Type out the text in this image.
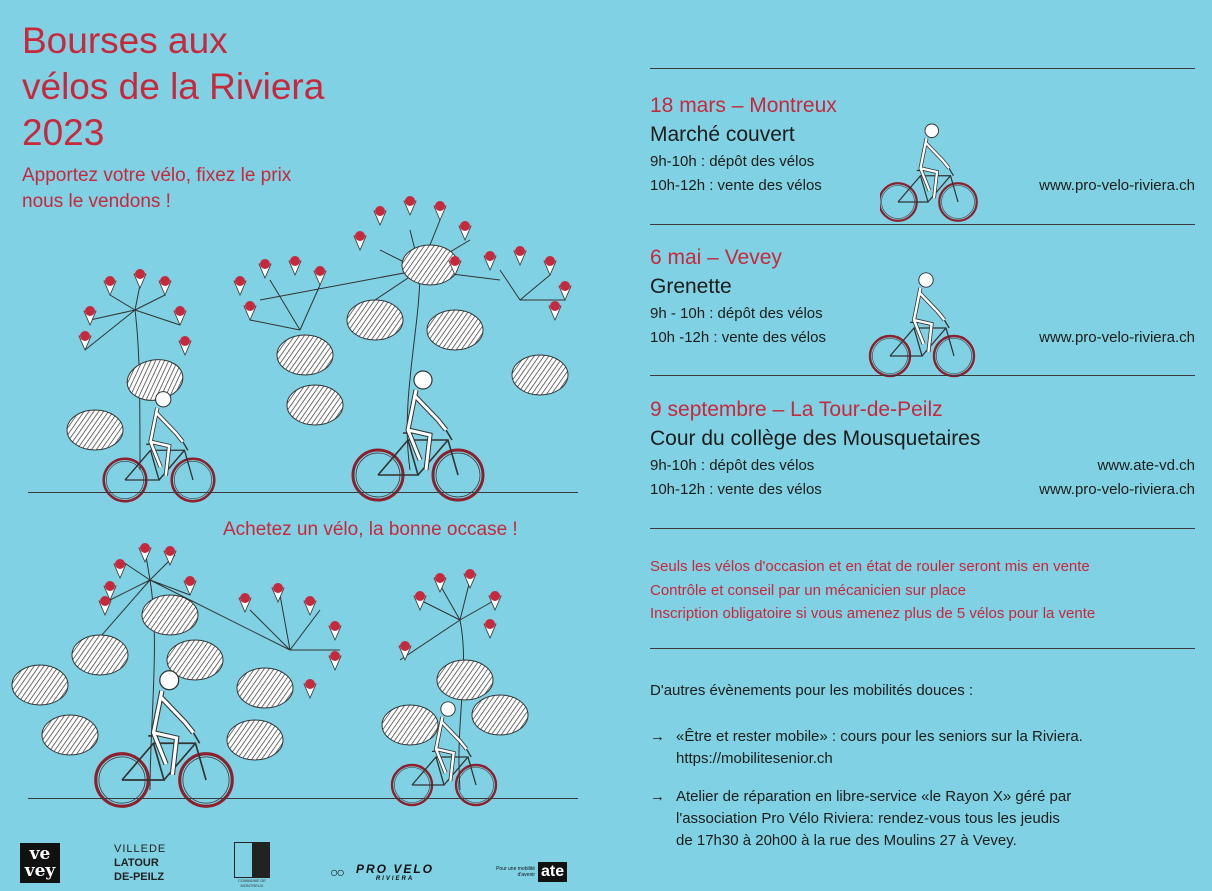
Bourses aux
vélos de la Riviera
2023
Apportez votre vélo, fixez le prix
nous le vendons !
Achetez un vélo, la bonne occase !
18 mars – Montreux
Marché couvert
9h-10h : dépôt des vélos
10h-12h : vente des vélos	www.pro-velo-riviera.ch
6 mai – Vevey
Grenette
9h - 10h : dépôt des vélos
10h -12h : vente des vélos	www.pro-velo-riviera.ch
9 septembre – La Tour-de-Peilz
Cour du collège des Mousquetaires
9h-10h : dépôt des vélos	www.ate-vd.ch
10h-12h : vente des vélos	www.pro-velo-riviera.ch
Seuls les vélos d'occasion et en état de rouler seront mis en vente
Contrôle et conseil par un mécanicien sur place
Inscription obligatoire si vous amenez plus de 5 vélos pour la vente
D'autres évènements pour les mobilités douces :
→ «Être et rester mobile» : cours pour les seniors sur la Riviera.
https://mobilitesenior.ch
→ Atelier de réparation en libre-service «le Rayon X» géré par
l'association Pro Vélo Riviera: rendez-vous tous les jeudis
de 17h30 à 20h00 à la rue des Moulins 27 à Vevey.
ve
vey
VILLEDE
LATOUR
DE-PEILZ	COMMUNE DE MONTREUX
PRO VELO
RIVIERA
○○	Pour une mobilité d'avenir ate
